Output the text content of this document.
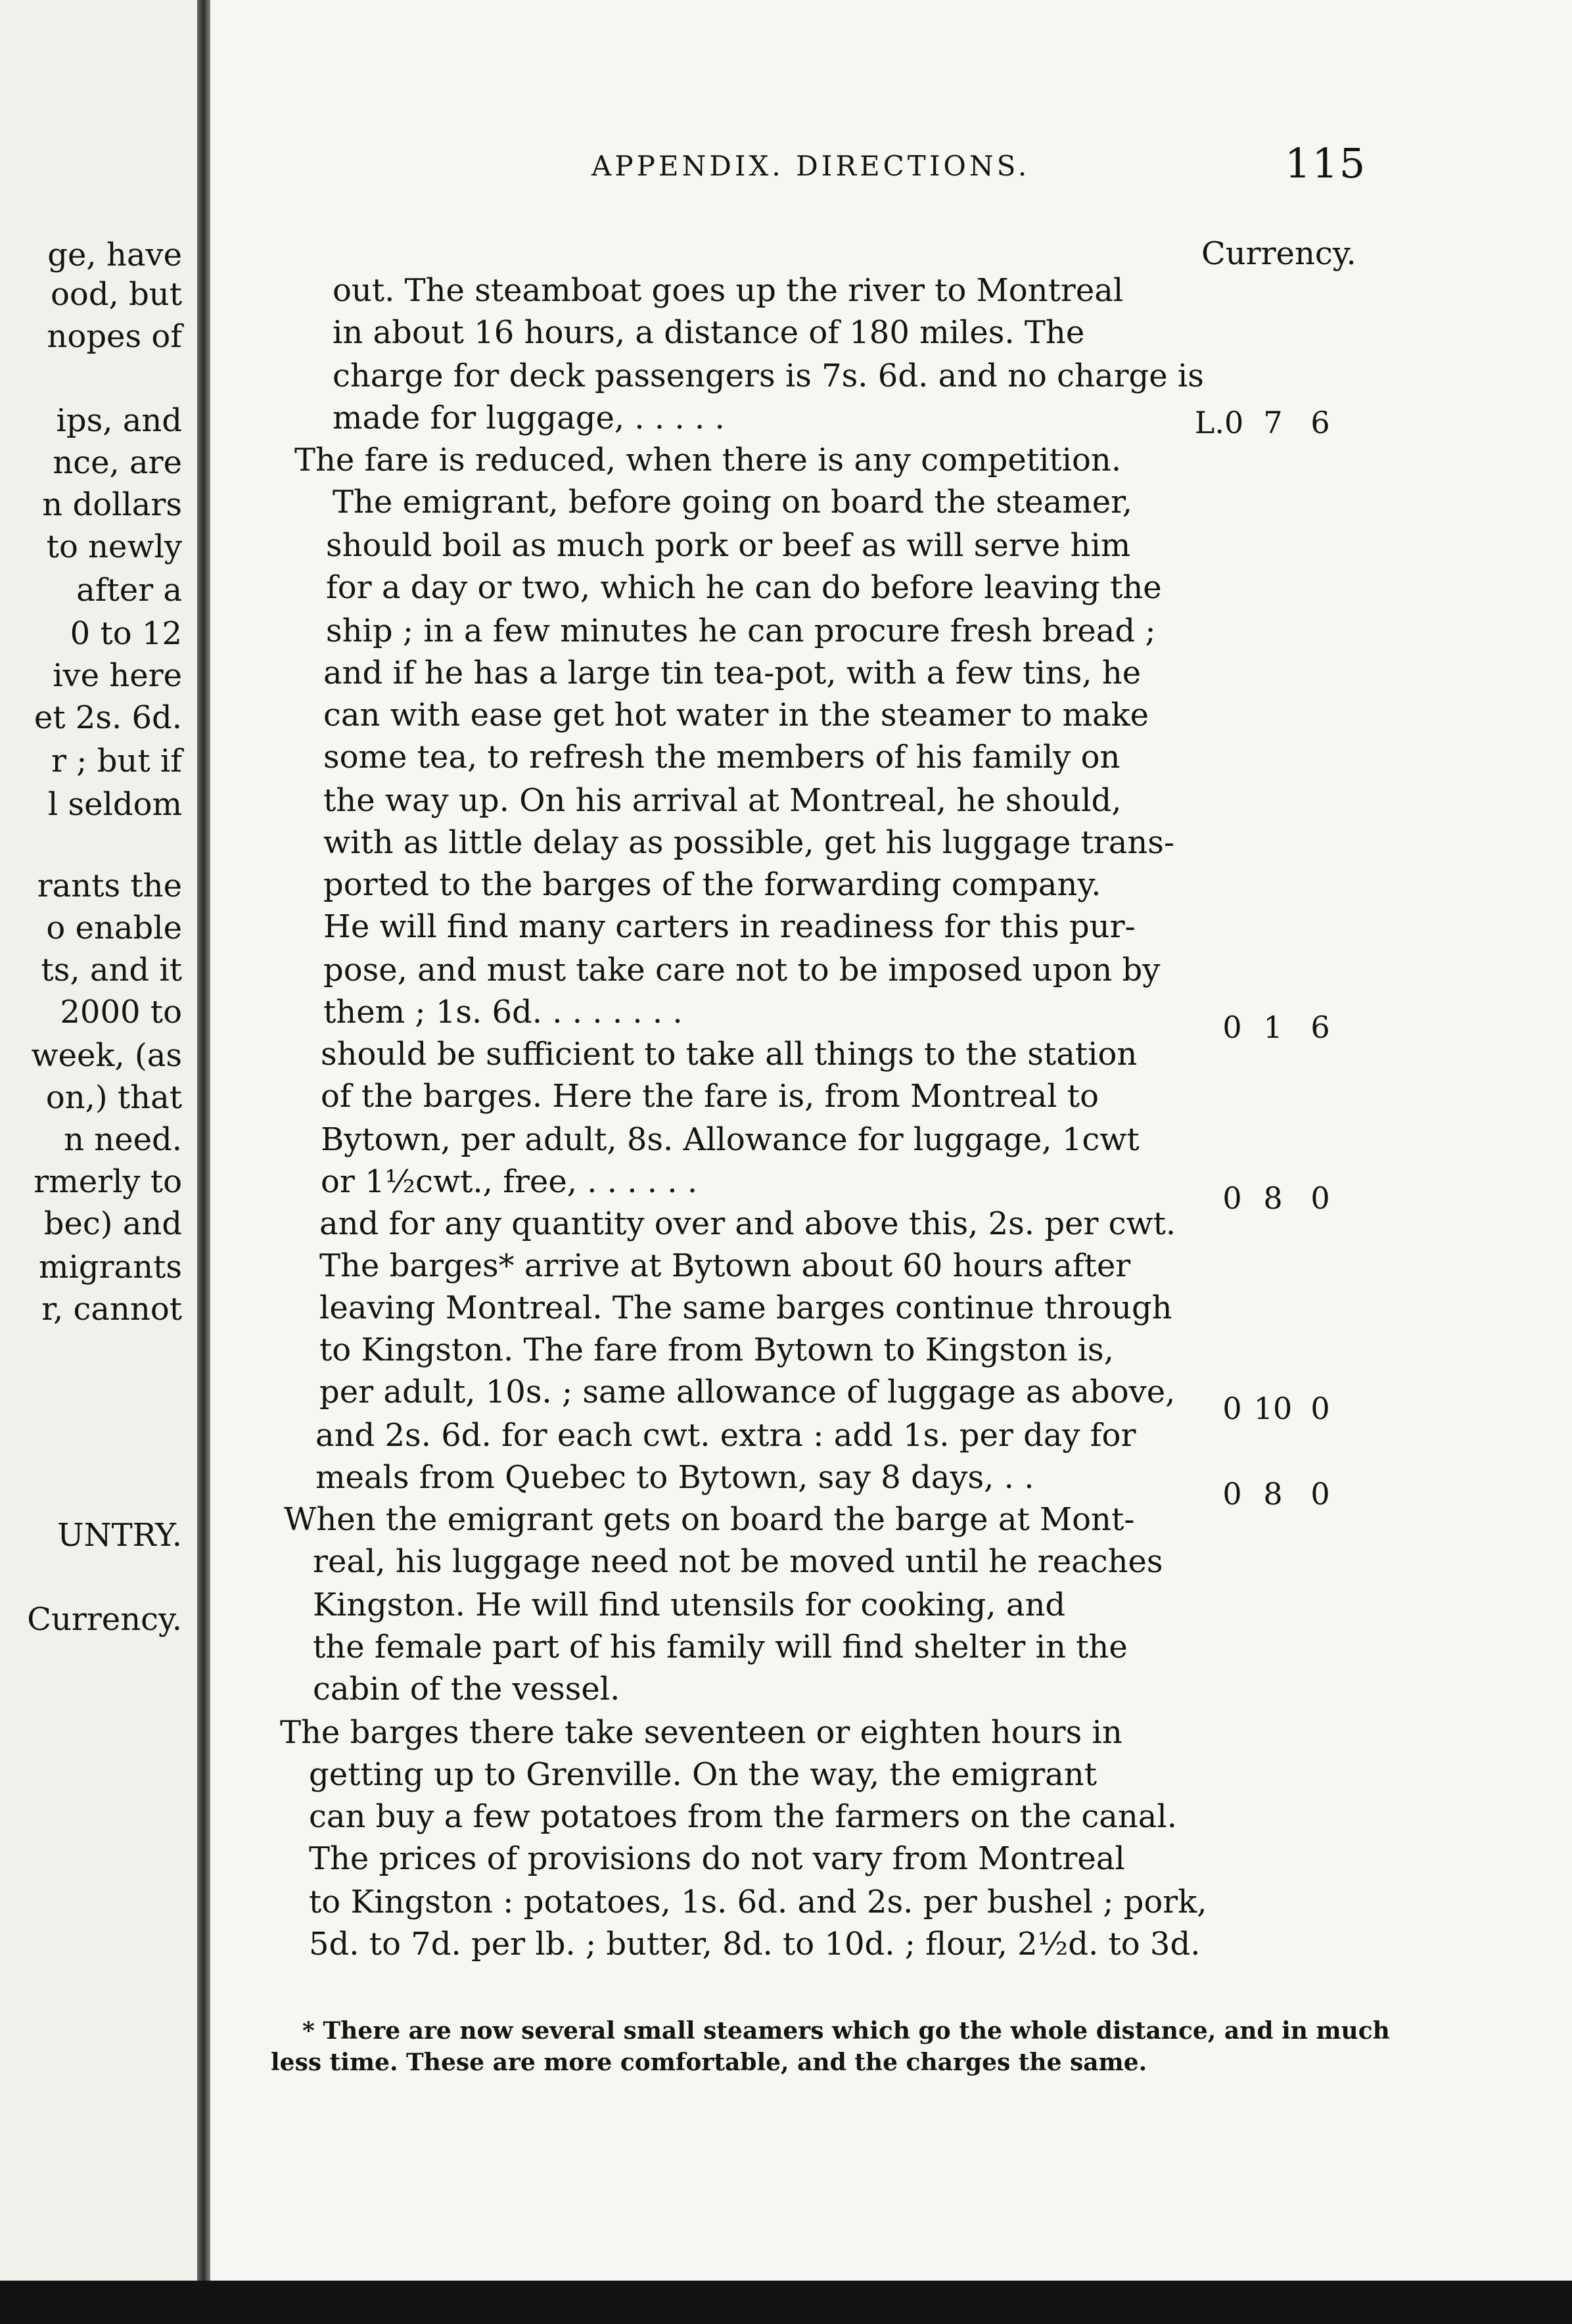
ge, have
ood, but
nopes of
ips, and
nce, are
n dollars
to newly
after a
0 to 12
ive here
et 2s. 6d.
r ; but if
l seldom
rants the
o enable
ts, and it
2000 to
week, (as
on,) that
n need.
rmerly to
bec) and
migrants
r, cannot
UNTRY.
Currency.
APPENDIX. DIRECTIONS.	115
Currency.
out. The steamboat goes up the river to Montreal
in about 16 hours, a distance of 180 miles. The
charge for deck passengers is 7s. 6d. and no charge is
made for luggage, . . . . .
The fare is reduced, when there is any competition.
The emigrant, before going on board the steamer,
should boil as much pork or beef as will serve him
for a day or two, which he can do before leaving the
ship ; in a few minutes he can procure fresh bread ;
and if he has a large tin tea-pot, with a few tins, he
can with ease get hot water in the steamer to make
some tea, to refresh the members of his family on
the way up. On his arrival at Montreal, he should,
with as little delay as possible, get his luggage trans-
ported to the barges of the forwarding company.
He will find many carters in readiness for this pur-
pose, and must take care not to be imposed upon by
them ; 1s. 6d. . . . . . . .
should be sufficient to take all things to the station
of the barges. Here the fare is, from Montreal to
Bytown, per adult, 8s. Allowance for luggage, 1cwt
or 1½cwt., free, . . . . . .
and for any quantity over and above this, 2s. per cwt.
The barges* arrive at Bytown about 60 hours after
leaving Montreal. The same barges continue through
to Kingston. The fare from Bytown to Kingston is,
per adult, 10s. ; same allowance of luggage as above,
and 2s. 6d. for each cwt. extra : add 1s. per day for
meals from Quebec to Bytown, say 8 days, . .
When the emigrant gets on board the barge at Mont-
real, his luggage need not be moved until he reaches
Kingston. He will find utensils for cooking, and
the female part of his family will find shelter in the
cabin of the vessel.
The barges there take seventeen or eighten hours in
getting up to Grenville. On the way, the emigrant
can buy a few potatoes from the farmers on the canal.
The prices of provisions do not vary from Montreal
to Kingston : potatoes, 1s. 6d. and 2s. per bushel ; pork,
5d. to 7d. per lb. ; butter, 8d. to 10d. ; flour, 2½d. to 3d.
L.0 7 6
0 1 6
0 8 0
0 10 0
0 8 0
* There are now several small steamers which go the whole distance, and in much
less time. These are more comfortable, and the charges the same.
